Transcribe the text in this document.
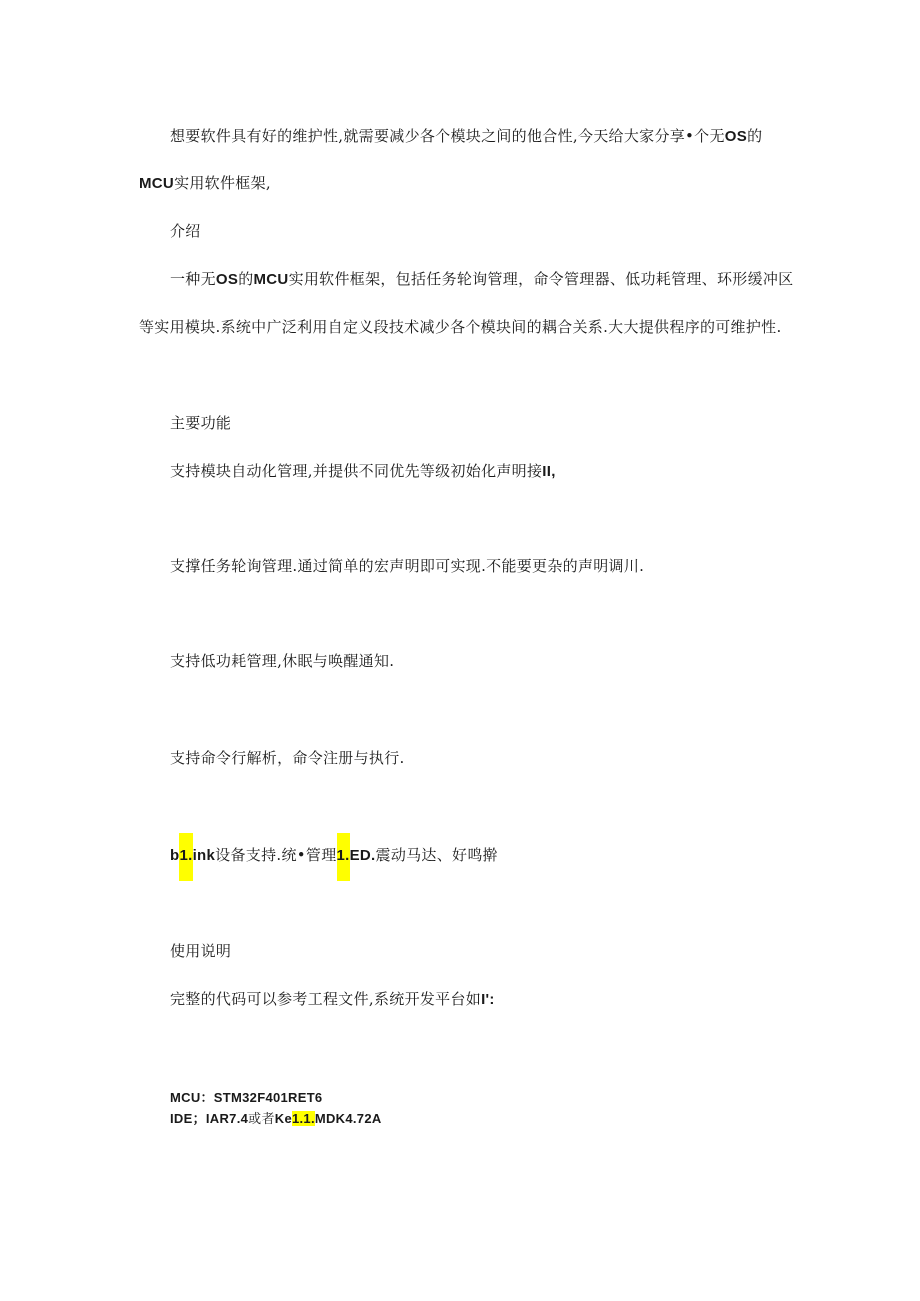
想要软件具有好的维护性,就需要减少各个模块之间的他合性,今天给大家分享•个无OS的
MCU实用软件框架,
介绍
一种无OS的MCU实用软件框架，包括任务轮询管理，命令管理器、低功耗管理、环形缓冲区
等实用模块.系统中广泛利用自定义段技术减少各个模块间的耦合关系.大大提供程序的可维护性.
主要功能
支持模块自动化管理,并提供不同优先等级初始化声明接II,
支撑任务轮询管理.通过简单的宏声明即可实现.不能要更杂的声明调川.
支持低功耗管理,休眠与唤醒通知.
支持命令行解析，命令注册与执行.
b1.ink设备支持.统•管理1.ED.震动马达、好鸣擀
使用说明
完整的代码可以参考工程文件,系统开发平台如I':
MCU：STM32F401RET6
IDE；IAR7.4或者Ke1.1.MDK4.72A
